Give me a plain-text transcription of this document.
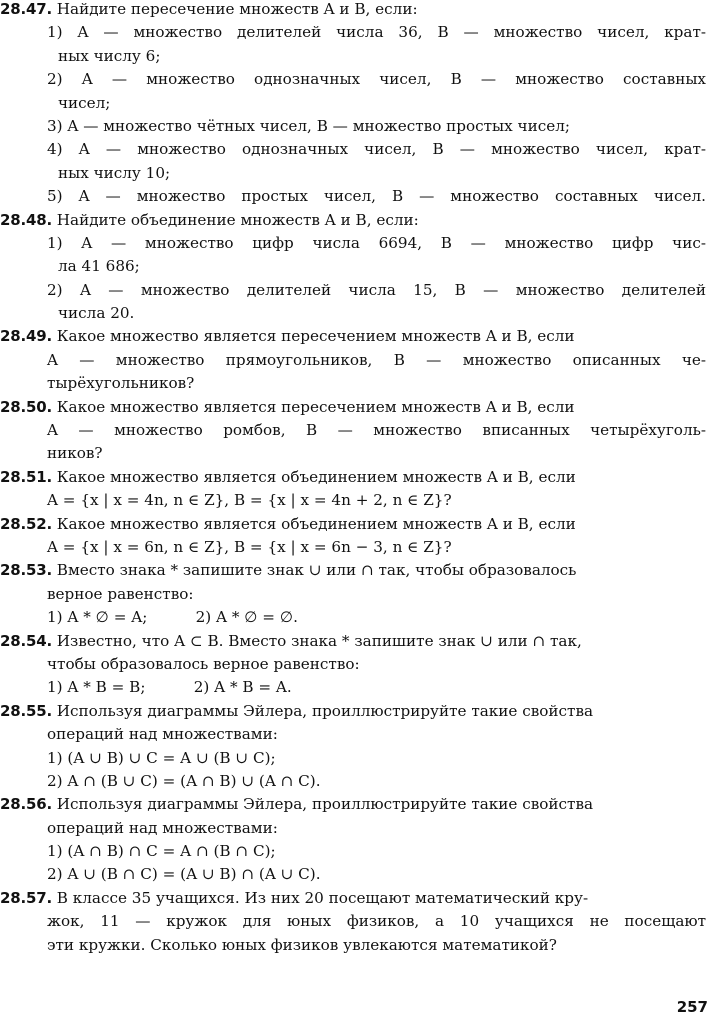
28.47. Найдите пересечение множеств A и B, если:
1) A — множество делителей числа 36, B — множество чисел, крат-
ных числу 6;
2) A — множество однозначных чисел, B — множество составных
чисел;
3) A — множество чётных чисел, B — множество простых чисел;
4) A — множество однозначных чисел, B — множество чисел, крат-
ных числу 10;
5) A — множество простых чисел, B — множество составных чисел.
28.48. Найдите объединение множеств A и B, если:
1) A — множество цифр числа 6694, B — множество цифр чис-
ла 41 686;
2) A — множество делителей числа 15, B — множество делителей
числа 20.
28.49. Какое множество является пересечением множеств A и B, если
A — множество прямоугольников, B — множество описанных че-
тырёхугольников?
28.50. Какое множество является пересечением множеств A и B, если
A — множество ромбов, B — множество вписанных четырёхуголь-
ников?
28.51. Какое множество является объединением множеств A и B, если
A = {x | x = 4n, n ∈ Z}, B = {x | x = 4n + 2, n ∈ Z}?
28.52. Какое множество является объединением множеств A и B, если
A = {x | x = 6n, n ∈ Z}, B = {x | x = 6n − 3, n ∈ Z}?
28.53. Вместо знака * запишите знак ∪ или ∩ так, чтобы образовалось
верное равенство:
1) A * ∅ = A;          2) A * ∅ = ∅.
28.54. Известно, что A ⊂ B. Вместо знака * запишите знак ∪ или ∩ так,
чтобы образовалось верное равенство:
1) A * B = B;          2) A * B = A.
28.55. Используя диаграммы Эйлера, проиллюстрируйте такие свойства
операций над множествами:
1) (A ∪ B) ∪ C = A ∪ (B ∪ C);
2) A ∩ (B ∪ C) = (A ∩ B) ∪ (A ∩ C).
28.56. Используя диаграммы Эйлера, проиллюстрируйте такие свойства
операций над множествами:
1) (A ∩ B) ∩ C = A ∩ (B ∩ C);
2) A ∪ (B ∩ C) = (A ∪ B) ∩ (A ∪ C).
28.57. В классе 35 учащихся. Из них 20 посещают математический кру-
жок, 11 — кружок для юных физиков, а 10 учащихся не посещают
эти кружки. Сколько юных физиков увлекаются математикой?
257
